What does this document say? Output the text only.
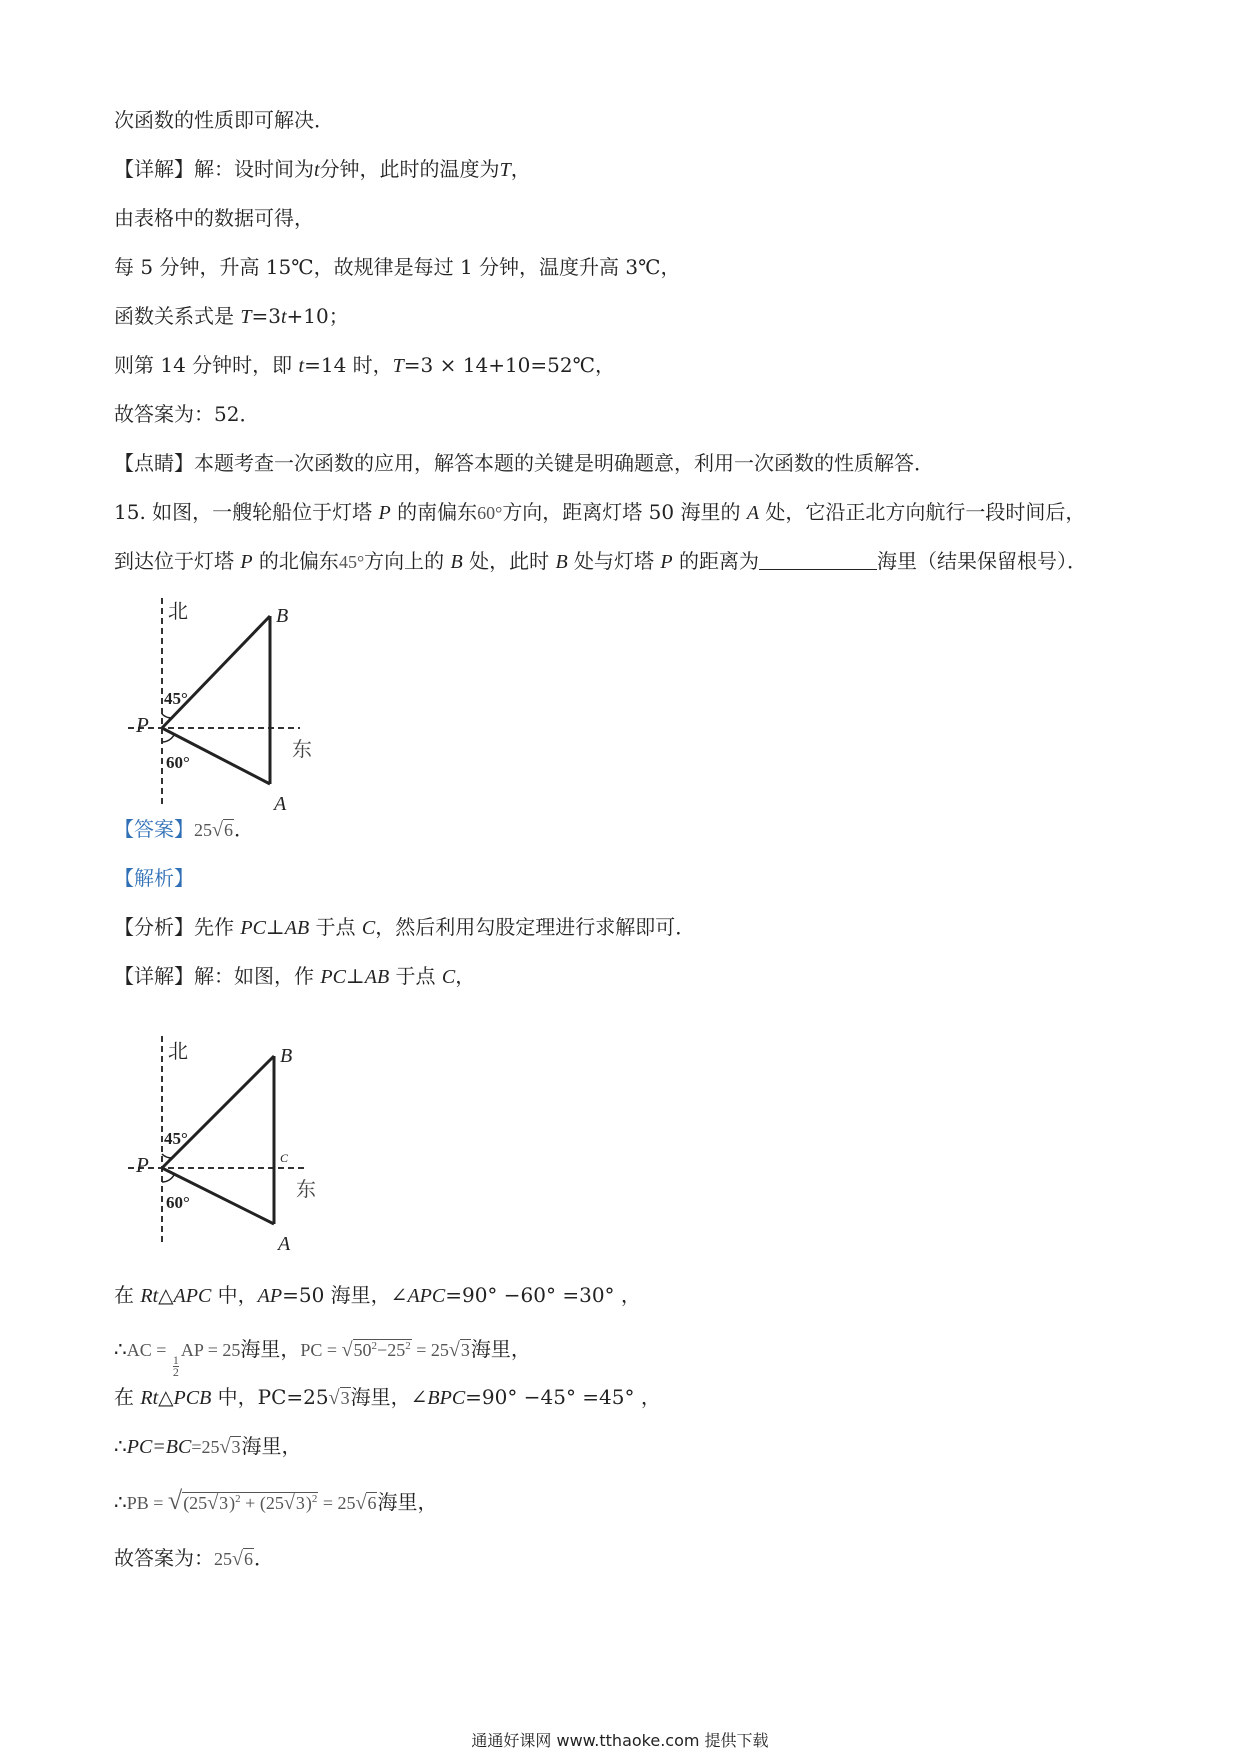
次函数的性质即可解决．
【详解】解：设时间为t分钟，此时的温度为T，
由表格中的数据可得，
每 5 分钟，升高 15℃，故规律是每过 1 分钟，温度升高 3℃，
函数关系式是 T=3t+10；
则第 14 分钟时，即 t=14 时，T=3 × 14+10=52℃，
故答案为：52．
【点睛】本题考查一次函数的应用，解答本题的关键是明确题意，利用一次函数的性质解答．
15. 如图，一艘轮船位于灯塔 P 的南偏东60°方向，距离灯塔 50 海里的 A 处，它沿正北方向航行一段时间后，
到达位于灯塔 P 的北偏东45°方向上的 B 处，此时 B 处与灯塔 P 的距离为	海里（结果保留根号）．
北
东
B
A
P
45°
60°
【答案】25√6．
【解析】
【分析】先作 PC⊥AB 于点 C，然后利用勾股定理进行求解即可．
【详解】解：如图，作 PC⊥AB 于点 C，
北
东
B
A
C
P
45°
60°
在 Rt△APC 中，AP=50 海里，∠APC=90° −60° =30° ，
∴AC =
$\frac{1}{2}$
AP = 25海里，PC = $√50^2-25^2 = 25√3$海里，
在 Rt△PCB 中，PC=25√3海里，∠BPC=90° −45° =45° ，
∴PC=BC=25√3海里，
∴PB = $√(25√3)^2 + (25√3)^2 = 25√6$海里，
故答案为：25√6．
通通好课网 www.tthaoke.com 提供下载
